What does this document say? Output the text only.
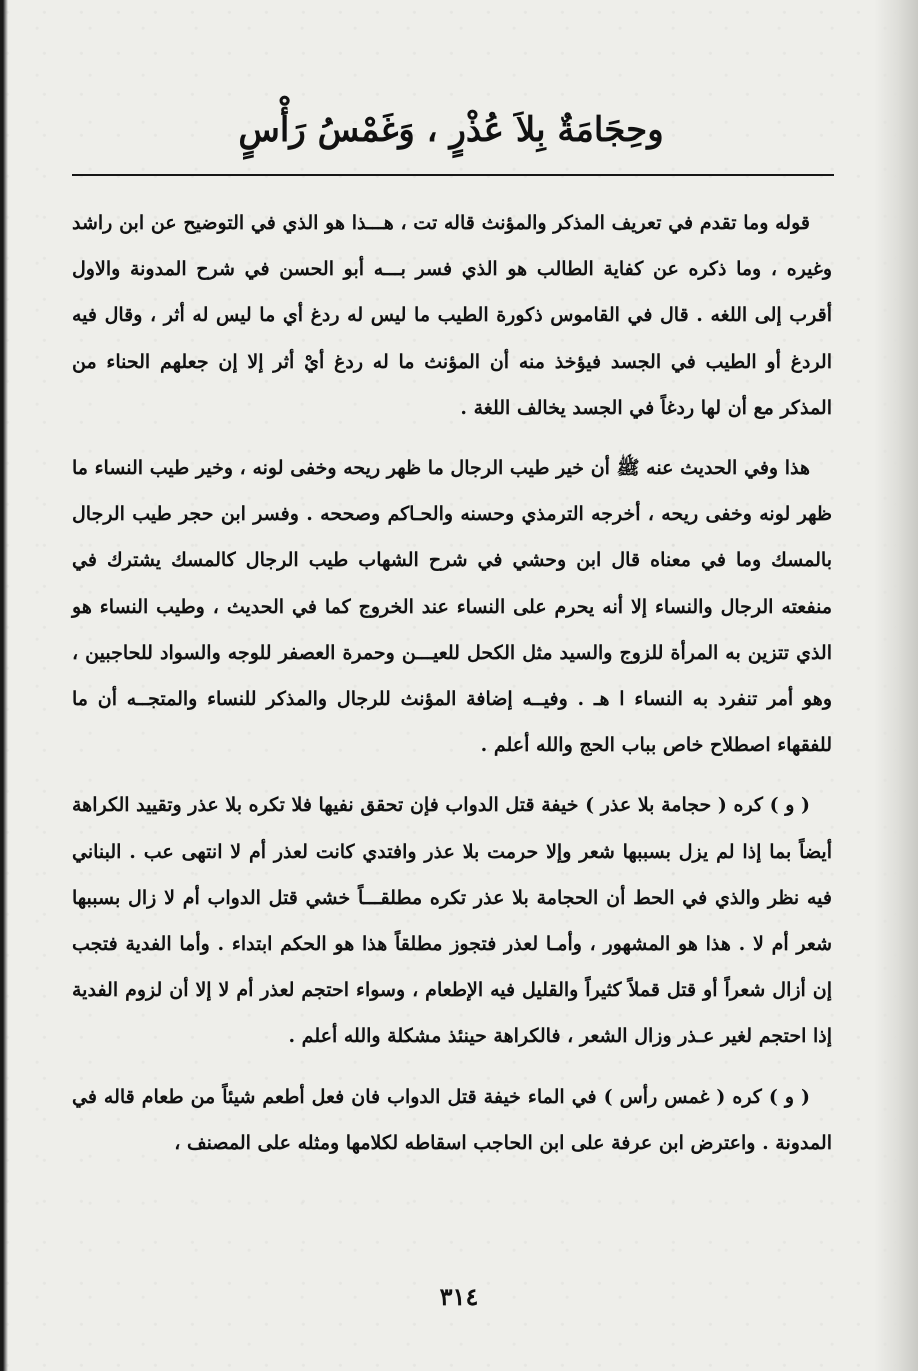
وحِجَامَةٌ بِلاَ عُذْرٍ ، وَغَمْسُ رَأْسٍ

قوله وما تقدم في تعريف المذكر والمؤنث قاله تت ، هـــذا هو الذي في التوضيح عن ابن راشد وغيره ، وما ذكره عن كفاية الطالب هو الذي فسر بـــه أبو الحسن في شرح المدونة والاول أقرب إلى اللغه . قال في القاموس ذكورة الطيب ما ليس له ردغ أي ما ليس له أثر ، وقال فيه الردغ أو الطيب في الجسد فيؤخذ منه أن المؤنث ما له ردغ أيْ أثر إلا إن جعلهم الحناء من المذكر مع أن لها ردغاً في الجسد يخالف اللغة .

هذا وفي الحديث عنه ﷺ أن خير طيب الرجال ما ظهر ريحه وخفى لونه ، وخير طيب النساء ما ظهر لونه وخفى ريحه ، أخرجه الترمذي وحسنه والحـاكم وصححه . وفسر ابن حجر طيب الرجال بالمسك وما في معناه قال ابن وحشي في شرح الشهاب طيب الرجال كالمسك يشترك في منفعته الرجال والنساء إلا أنه يحرم على النساء عند الخروج كما في الحديث ، وطيب النساء هو الذي تتزين به المرأة للزوج والسيد مثل الكحل للعيـــن وحمرة العصفر للوجه والسواد للحاجبين ، وهو أمر تنفرد به النساء ا هـ . وفيــه إضافة المؤنث للرجال والمذكر للنساء والمتجــه أن ما للفقهاء اصطلاح خاص بباب الحج والله أعلم .

( و ) كره ( حجامة بلا عذر ) خيفة قتل الدواب فإن تحقق نفيها فلا تكره بلا عذر وتقييد الكراهة أيضاً بما إذا لم يزل بسببها شعر وإلا حرمت بلا عذر وافتدي كانت لعذر أم لا انتهى عب . البناني فيه نظر والذي في الحط أن الحجامة بلا عذر تكره مطلقـــاً خشي قتل الدواب أم لا زال بسببها شعر أم لا . هذا هو المشهور ، وأمـا لعذر فتجوز مطلقاً هذا هو الحكم ابتداء . وأما الفدية فتجب إن أزال شعراً أو قتل قملاً كثيراً والقليل فيه الإطعام ، وسواء احتجم لعذر أم لا إلا أن لزوم الفدية إذا احتجم لغير عـذر وزال الشعر ، فالكراهة حينئذ مشكلة والله أعلم .

( و ) كره ( غمس رأس ) في الماء خيفة قتل الدواب فان فعل أطعم شيئاً من طعام قاله في المدونة . واعترض ابن عرفة على ابن الحاجب اسقاطه لكلامها ومثله على المصنف ،

٣١٤
